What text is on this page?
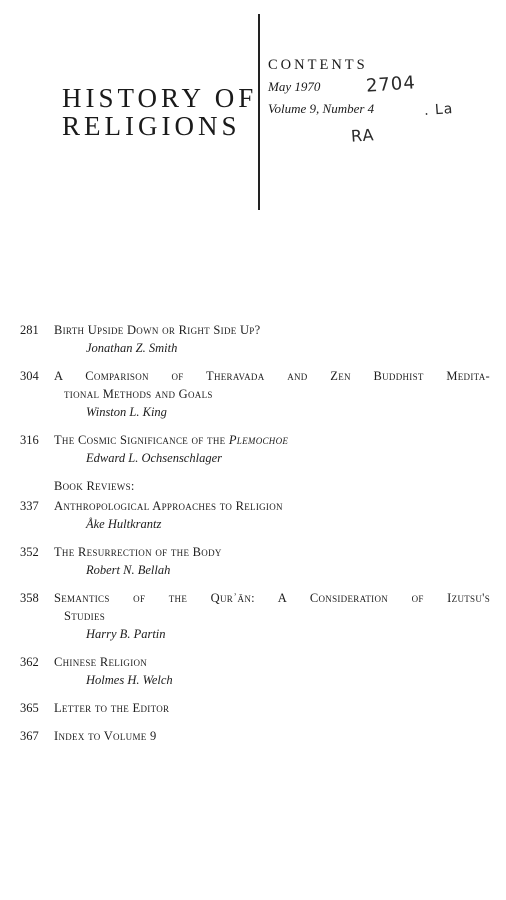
HISTORY OF
RELIGIONS
CONTENTS
May 1970
Volume 9, Number 4
2704
. La
RA
281	Birth Upside Down or Right Side Up?
Jonathan Z. Smith
304	A Comparison of Theravada and Zen Buddhist Medita-
tional Methods and Goals
Winston L. King
316	The Cosmic Significance of the Plemochoe
Edward L. Ochsenschlager
Book Reviews:
337	Anthropological Approaches to Religion
Åke Hultkrantz
352	The Resurrection of the Body
Robert N. Bellah
358	Semantics of the Qurʾān: A Consideration of Izutsu's
Studies
Harry B. Partin
362	Chinese Religion
Holmes H. Welch
365	Letter to the Editor
367	Index to Volume 9
